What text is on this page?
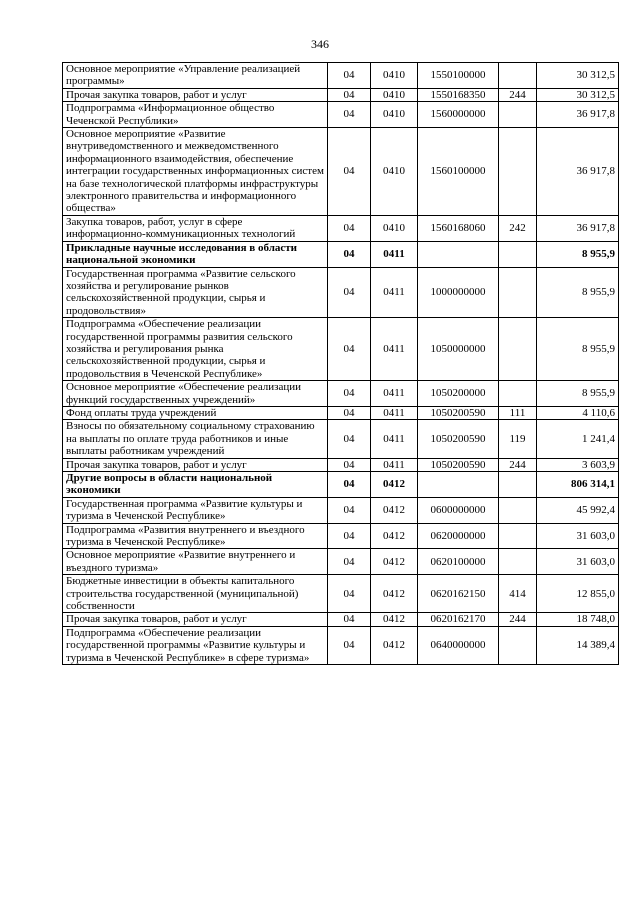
346
Основное мероприятие «Управление реализацией программы»	04	0410	1550100000		30 312,5
Прочая закупка товаров, работ и услуг	04	0410	1550168350	244	30 312,5
Подпрограмма «Информационное общество Чеченской Республики»	04	0410	1560000000		36 917,8
Основное мероприятие «Развитие внутриведомственного и межведомственного информационного взаимодействия, обеспечение интеграции государственных информационных систем на базе технологической платформы инфраструктуры электронного правительства и информационного общества»	04	0410	1560100000		36 917,8
Закупка товаров, работ, услуг в сфере информационно-коммуникационных технологий	04	0410	1560168060	242	36 917,8
Прикладные научные исследования в области национальной экономики	04	0411			8 955,9
Государственная программа «Развитие сельского хозяйства и регулирование рынков сельскохозяйственной продукции, сырья и продовольствия»	04	0411	1000000000		8 955,9
Подпрограмма «Обеспечение реализации государственной программы развития сельского хозяйства и регулирования рынка сельскохозяйственной продукции, сырья и продовольствия в Чеченской Республике»	04	0411	1050000000		8 955,9
Основное мероприятие «Обеспечение реализации функций государственных учреждений»	04	0411	1050200000		8 955,9
Фонд оплаты труда учреждений	04	0411	1050200590	111	4 110,6
Взносы по обязательному социальному страхованию на выплаты по оплате труда работников и иные выплаты работникам учреждений	04	0411	1050200590	119	1 241,4
Прочая закупка товаров, работ и услуг	04	0411	1050200590	244	3 603,9
Другие вопросы в области национальной экономики	04	0412			806 314,1
Государственная программа «Развитие культуры и туризма в Чеченской Республике»	04	0412	0600000000		45 992,4
Подпрограмма «Развития внутреннего и въездного туризма в Чеченской Республике»	04	0412	0620000000		31 603,0
Основное мероприятие «Развитие внутреннего и въездного туризма»	04	0412	0620100000		31 603,0
Бюджетные инвестиции в объекты капитального строительства государственной (муниципальной) собственности	04	0412	0620162150	414	12 855,0
Прочая закупка товаров, работ и услуг	04	0412	0620162170	244	18 748,0
Подпрограмма «Обеспечение реализации государственной программы «Развитие культуры и туризма в Чеченской Республике» в сфере туризма»	04	0412	0640000000		14 389,4
